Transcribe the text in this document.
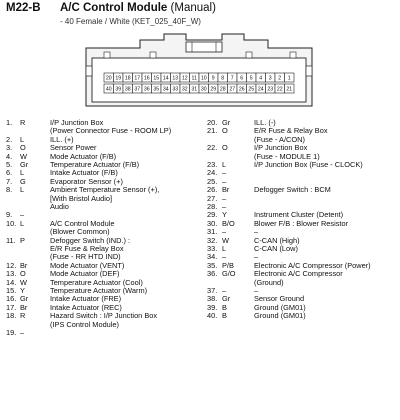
M22-B A/C Control Module (Manual)
- 40 Female / White (KET_025_40F_W)
20 19 18 17 16 15 14 13 12 11 10 9 8 7 6 5 4 3 2 1
40 39 38 37 36 35 34 33 32 31 30 29 28 27 26 25 24 23 22 21
1. R	I/P Junction Box
(Power Connector Fuse - ROOM LP)
2. L	ILL. (+)
3. O	Sensor Power
4. W	Mode Actuator (F/B)
5. Gr	Temperature Actuator (F/B)
6. L	Intake Actuator (F/B)
7. G	Evaporator Sensor (+)
8. L	Ambient Temperature Sensor (+),
[With Bristol Audio]
Audio
9. –
10. L	A/C Control Module
(Blower Common)
11. P	Defogger Switch (IND.) :
E/R Fuse & Relay Box
(Fuse - RR HTD IND)
12. Br	Mode Actuator (VENT)
13. O	Mode Actuator (DEF)
14. W	Temperature Actuator (Cool)
15. Y	Temperature Actuator (Warm)
16. Gr	Intake Actuator (FRE)
17. Br	Intake Actuator (REC)
18. R	Hazard Switch : I/P Junction Box
(IPS Control Module)
19. –
20. Gr	ILL. (-)
21. O	E/R Fuse & Relay Box
(Fuse - A/CON)
22. O	I/P Junction Box
(Fuse - MODULE 1)
23. L	I/P Junction Box (Fuse - CLOCK)
24. –
25. –
26. Br	Defogger Switch : BCM
27. –
28. –
29. Y	Instrument Cluster (Detent)
30. B/O	Blower F/B : Blower Resistor
31. –	–
32. W	C-CAN (High)
33. L	C-CAN (Low)
34. –	–
35. P/B	Electronic A/C Compressor (Power)
36. G/O Electronic A/C Compressor
(Ground)
37. –	–
38. Gr	Sensor Ground
39. B	Ground (GM01)
40. B	Ground (GM01)
